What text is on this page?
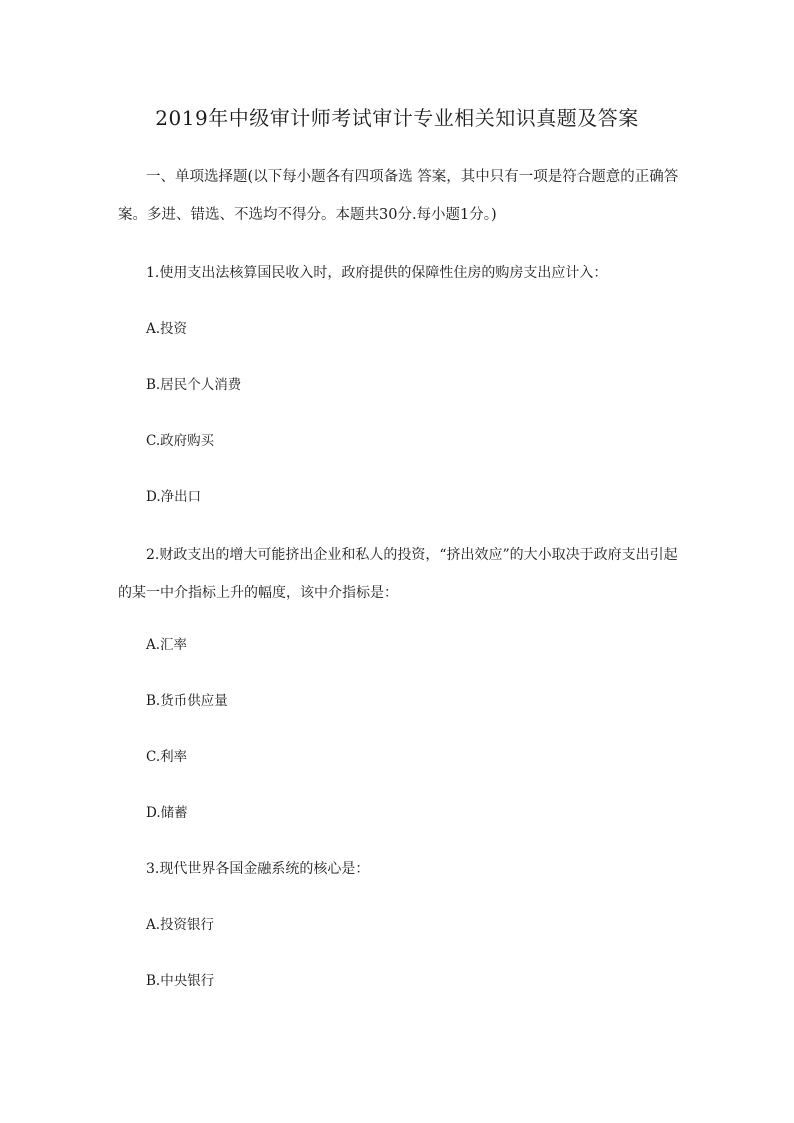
2019年中级审计师考试审计专业相关知识真题及答案
一、单项选择题(以下每小题各有四项备选 答案，其中只有一项是符合题意的正确答案。多进、错选、不选均不得分。本题共30分.每小题1分。)
1.使用支出法核算国民收入时，政府提供的保障性住房的购房支出应计入：
A.投资
B.居民个人消费
C.政府购买
D.净出口
2.财政支出的增大可能挤出企业和私人的投资，“挤出效应”的大小取决于政府支出引起的某一中介指标上升的幅度，该中介指标是：
A.汇率
B.货币供应量
C.利率
D.储蓄
3.现代世界各国金融系统的核心是：
A.投资银行
B.中央银行
